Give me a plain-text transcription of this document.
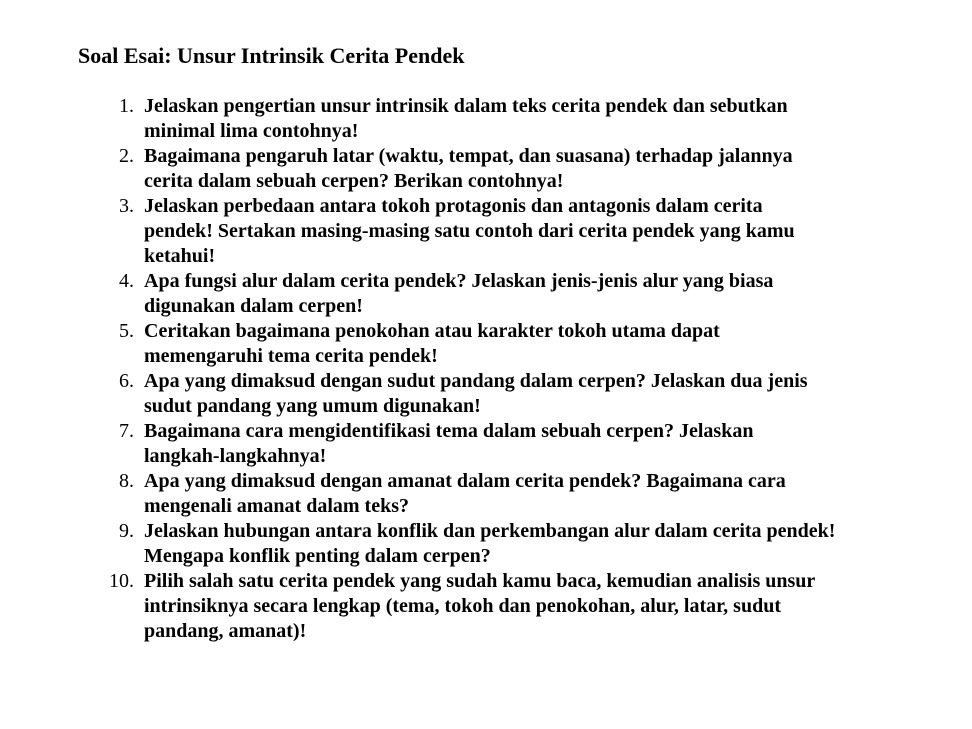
Soal Esai: Unsur Intrinsik Cerita Pendek
1. Jelaskan pengertian unsur intrinsik dalam teks cerita pendek dan sebutkan
minimal lima contohnya!
2. Bagaimana pengaruh latar (waktu, tempat, dan suasana) terhadap jalannya
cerita dalam sebuah cerpen? Berikan contohnya!
3. Jelaskan perbedaan antara tokoh protagonis dan antagonis dalam cerita
pendek! Sertakan masing-masing satu contoh dari cerita pendek yang kamu
ketahui!
4. Apa fungsi alur dalam cerita pendek? Jelaskan jenis-jenis alur yang biasa
digunakan dalam cerpen!
5. Ceritakan bagaimana penokohan atau karakter tokoh utama dapat
memengaruhi tema cerita pendek!
6. Apa yang dimaksud dengan sudut pandang dalam cerpen? Jelaskan dua jenis
sudut pandang yang umum digunakan!
7. Bagaimana cara mengidentifikasi tema dalam sebuah cerpen? Jelaskan
langkah-langkahnya!
8. Apa yang dimaksud dengan amanat dalam cerita pendek? Bagaimana cara
mengenali amanat dalam teks?
9. Jelaskan hubungan antara konflik dan perkembangan alur dalam cerita pendek!
Mengapa konflik penting dalam cerpen?
10. Pilih salah satu cerita pendek yang sudah kamu baca, kemudian analisis unsur
intrinsiknya secara lengkap (tema, tokoh dan penokohan, alur, latar, sudut
pandang, amanat)!
